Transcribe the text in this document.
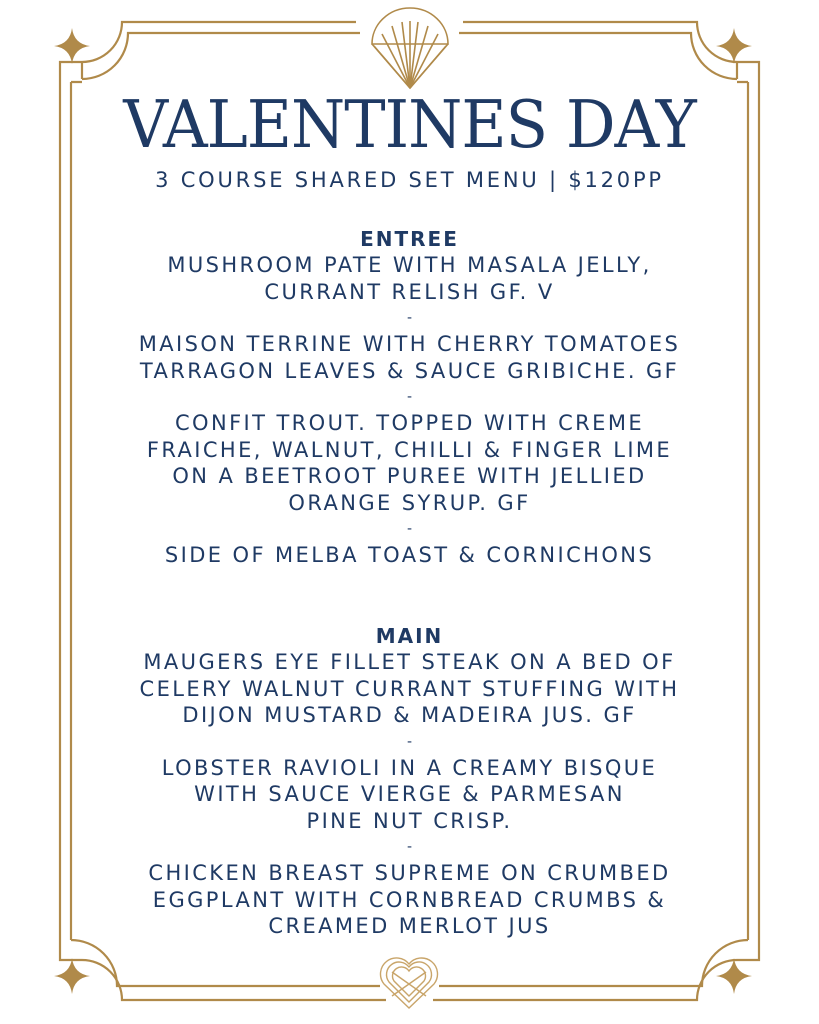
VALENTINES DAY

3 COURSE SHARED SET MENU | $120PP

ENTREE
MUSHROOM PATE WITH MASALA JELLY,
CURRANT RELISH GF. V
-
MAISON TERRINE WITH CHERRY TOMATOES
TARRAGON LEAVES & SAUCE GRIBICHE. GF
-
CONFIT TROUT. TOPPED WITH CREME
FRAICHE, WALNUT, CHILLI & FINGER LIME
ON A BEETROOT PUREE WITH JELLIED
ORANGE SYRUP. GF
-
SIDE OF MELBA TOAST & CORNICHONS
MAIN
MAUGERS EYE FILLET STEAK ON A BED OF
CELERY WALNUT CURRANT STUFFING WITH
DIJON MUSTARD & MADEIRA JUS. GF
-
LOBSTER RAVIOLI IN A CREAMY BISQUE
WITH SAUCE VIERGE & PARMESAN
PINE NUT CRISP.
-
CHICKEN BREAST SUPREME ON CRUMBED
EGGPLANT WITH CORNBREAD CRUMBS &
CREAMED MERLOT JUS
